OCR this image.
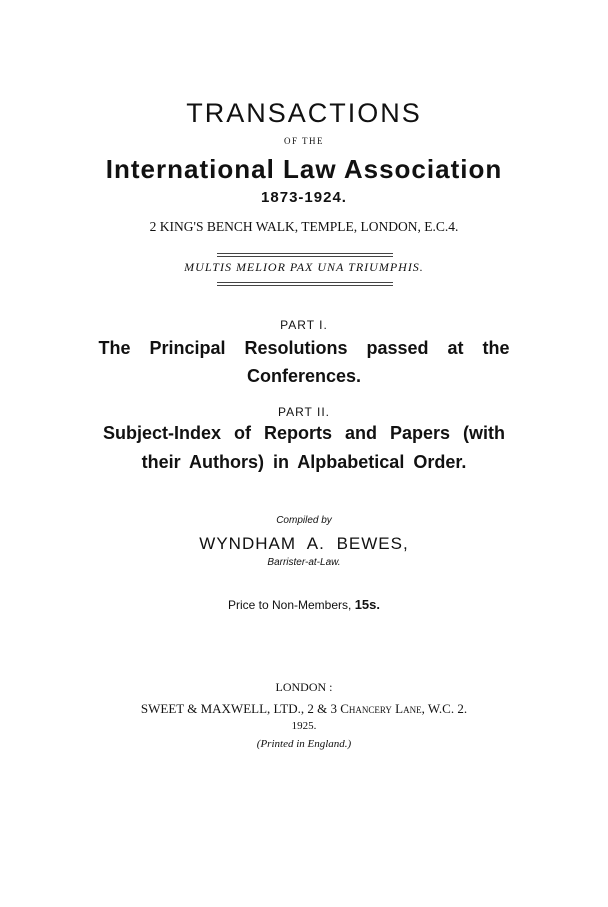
TRANSACTIONS
OF THE
International Law Association
1873-1924.
2 KING'S BENCH WALK, TEMPLE, LONDON, E.C.4.
MULTIS MELIOR PAX UNA TRIUMPHIS.
PART I.
The Principal Resolutions passed at the
Conferences.
PART II.
Subject-Index of Reports and Papers (with
their Authors) in Alpbabetical Order.
Compiled by
WYNDHAM A. BEWES,
Barrister-at-Law.
Price to Non-Members, 15s.
LONDON :
SWEET & MAXWELL, LTD., 2 & 3 Chancery Lane, W.C. 2.
1925.
(Printed in England.)
